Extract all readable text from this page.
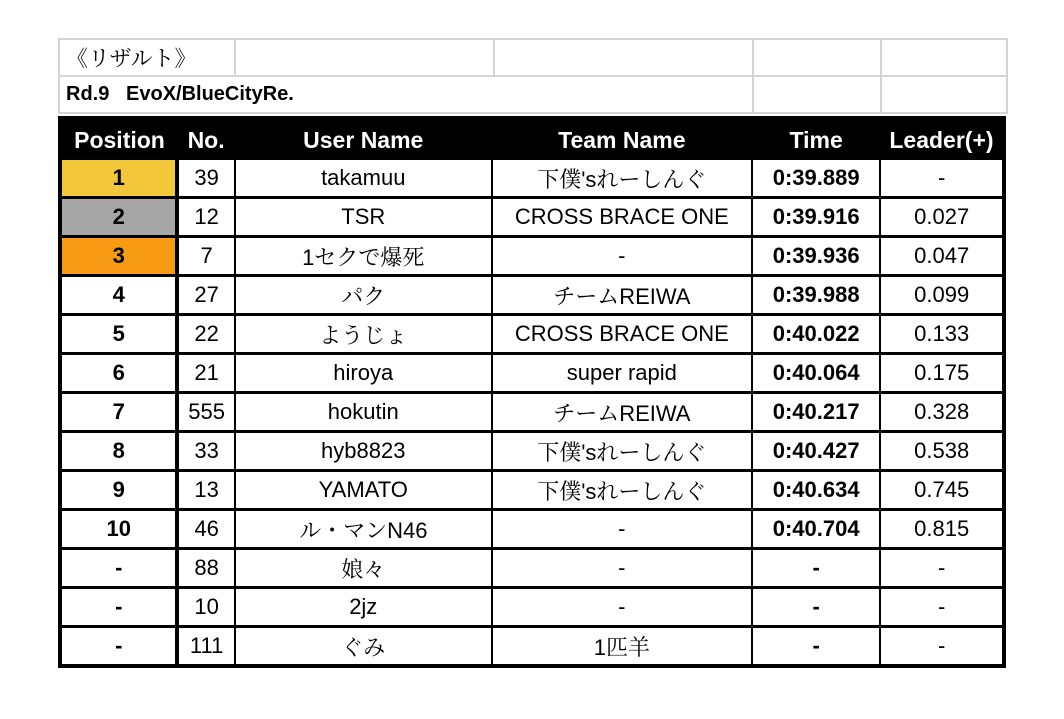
《リザルト》				
Rd.9 EvoX/BlueCityRe.				
Position	No.	User Name	Team Name	Time	Leader(+)
1	39	takamuu	下僕'sれーしんぐ	0:39.889	-
2	12	TSR	CROSS BRACE ONE	0:39.916	0.027
3	7	1セクで爆死	-	0:39.936	0.047
4	27	パク	チームREIWA	0:39.988	0.099
5	22	ようじょ	CROSS BRACE ONE	0:40.022	0.133
6	21	hiroya	super rapid	0:40.064	0.175
7	555	hokutin	チームREIWA	0:40.217	0.328
8	33	hyb8823	下僕'sれーしんぐ	0:40.427	0.538
9	13	YAMATO	下僕'sれーしんぐ	0:40.634	0.745
10	46	ル・マンN46	-	0:40.704	0.815
-	88	娘々	-	-	-
-	10	2jz	-	-	-
-	111	ぐみ	1匹羊	-	-
